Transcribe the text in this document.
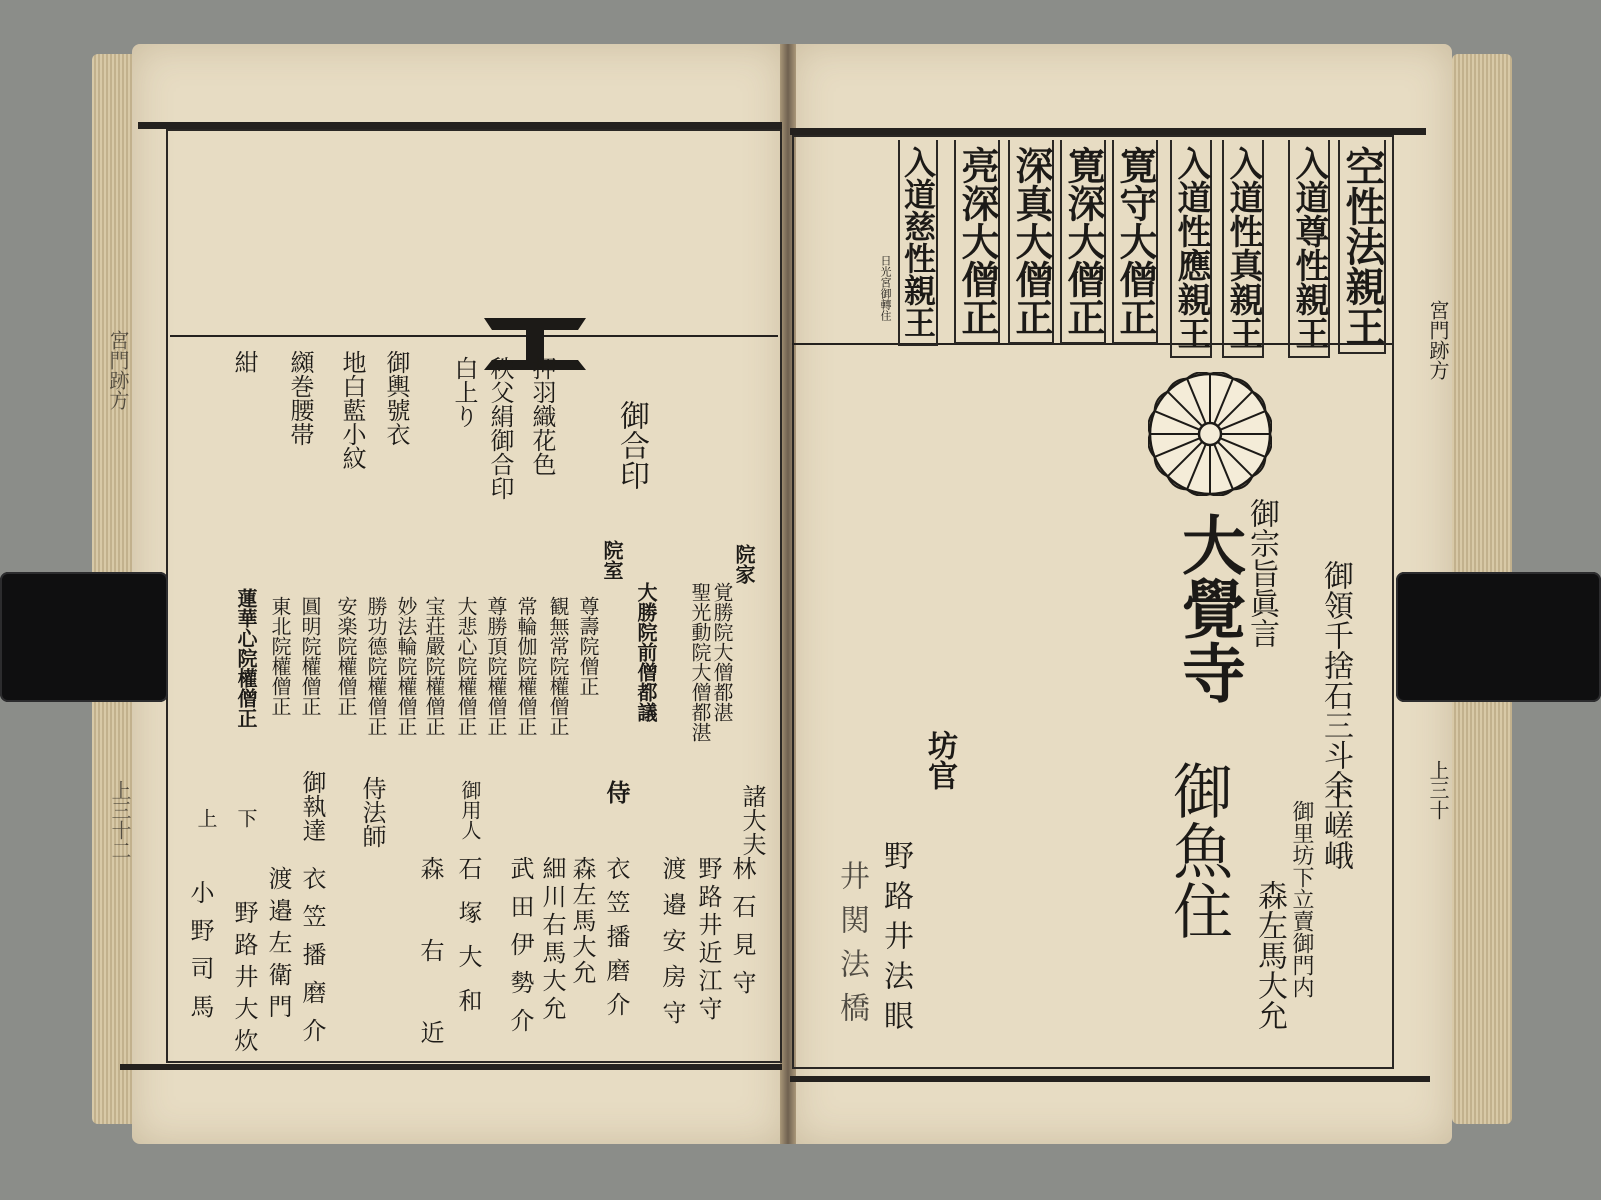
空性法親王

入道尊性親王

入道性真親王

入道性應親王

寛守大僧正

寛深大僧正

深真大僧正

亮深大僧正

入道慈性親王

日光宮御轉住

御領千捨石三斗余

上嵯峨

御宗旨眞言

大覺寺

御魚住	御里坊下立賣御門内

森左馬大允

坊官

野路井法眼

井関法橋

宮門跡方

上三十

御合印

白上り 秩父絹御合印 押羽織花色

御輿號衣

地白藍小紋

纐巻腰帯

紺

院家

覚勝院大僧都湛

聖光動院大僧都湛

大勝院前僧都議

院室

尊壽院僧正

観無常院權僧正

常輪伽院權僧正

尊勝頂院權僧正

大悲心院權僧正

宝荘嚴院權僧正

妙法輪院權僧正

勝功德院權僧正

安楽院權僧正

圓明院權僧正

東北院權僧正

蓮華心院權僧正

諸大夫

林石見守

野路井近江守

渡邉安房守

侍

衣笠播磨介

森左馬大允

細川右馬大允

武田伊勢介

御用人

石塚大和

森右近

侍法師

御執達

衣笠播磨介

渡邉左衛門

野路井大炊

下

上

小野司馬

宮門跡方

上三十二
